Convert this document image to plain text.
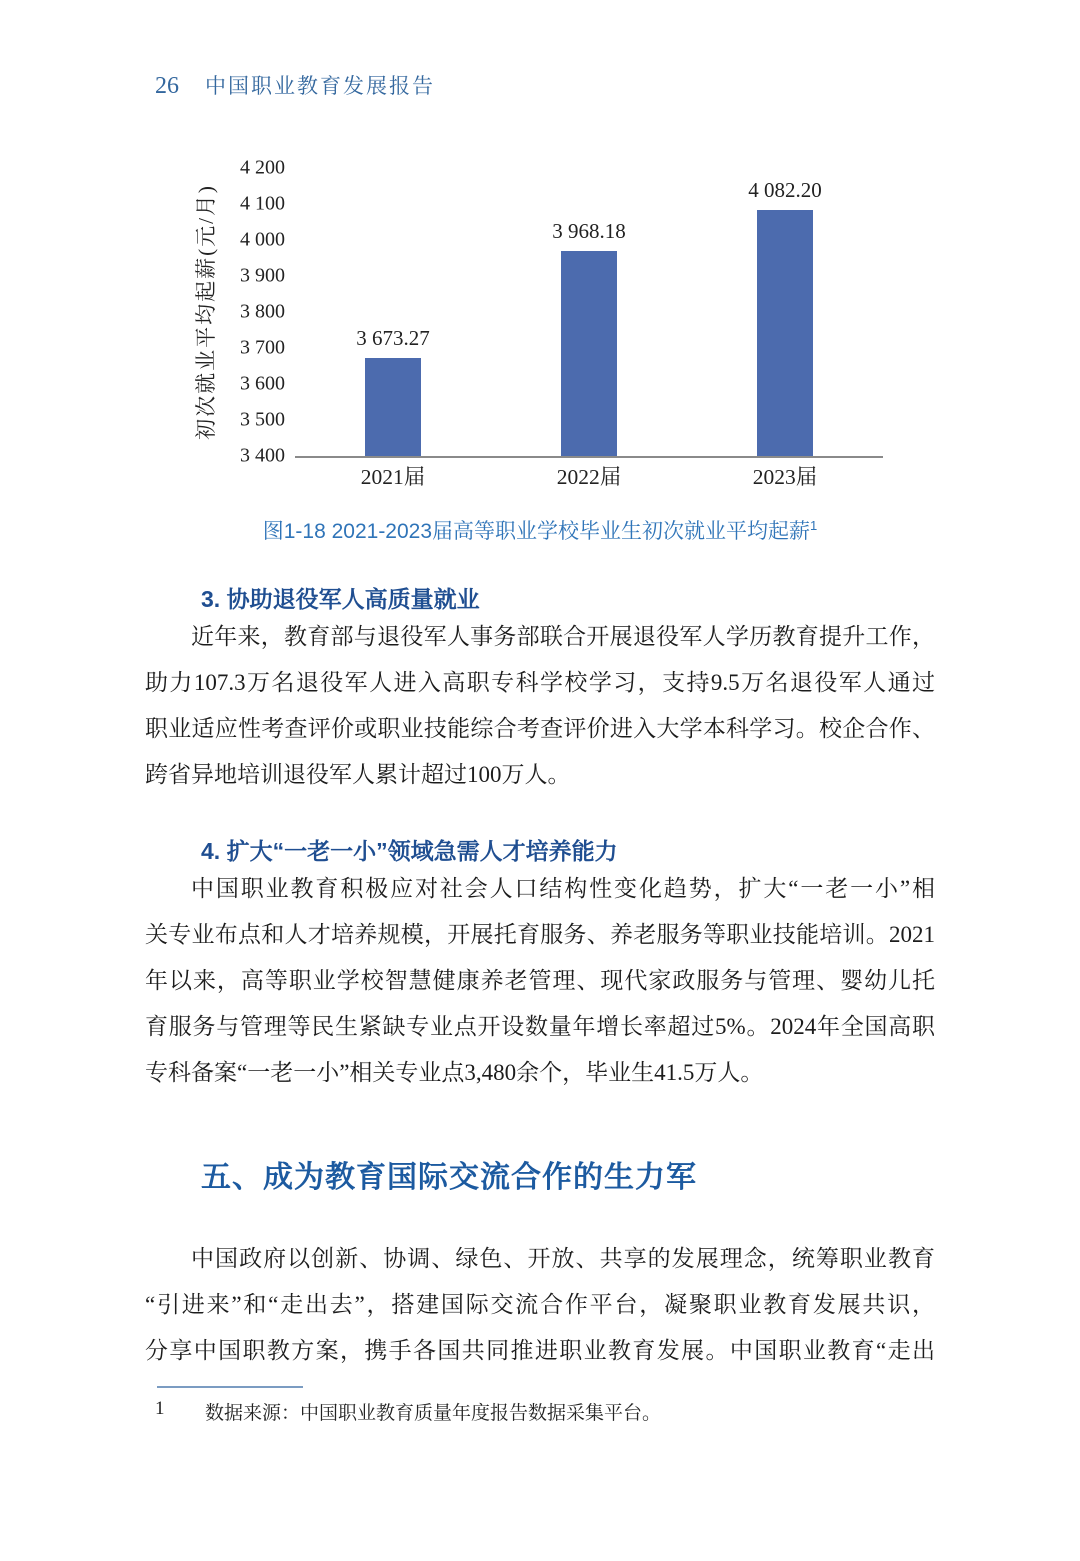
26 中国职业教育发展报告
初次就业平均起薪(元/月)
4 200
4 100
4 000
3 900
3 800
3 700
3 600
3 500
3 400
3 673.27
3 968.18
4 082.20
2021届	2022届	2023届
图1-18 2021-2023届高等职业学校毕业生初次就业平均起薪$^1$
3. 协助退役军人高质量就业

近年来，教育部与退役军人事务部联合开展退役军人学历教育提升工作，
助力107.3万名退役军人进入高职专科学校学习，支持9.5万名退役军人通过
职业适应性考查评价或职业技能综合考查评价进入大学本科学习。校企合作、
跨省异地培训退役军人累计超过100万人。

4. 扩大“一老一小”领域急需人才培养能力

中国职业教育积极应对社会人口结构性变化趋势，扩大“一老一小”相
关专业布点和人才培养规模，开展托育服务、养老服务等职业技能培训。2021
年以来，高等职业学校智慧健康养老管理、现代家政服务与管理、婴幼儿托
育服务与管理等民生紧缺专业点开设数量年增长率超过5%。2024年全国高职
专科备案“一老一小”相关专业点3,480余个，毕业生41.5万人。

五、成为教育国际交流合作的生力军

中国政府以创新、协调、绿色、开放、共享的发展理念，统筹职业教育
“引进来”和“走出去”，搭建国际交流合作平台，凝聚职业教育发展共识，
分享中国职教方案，携手各国共同推进职业教育发展。中国职业教育“走出

1	数据来源：中国职业教育质量年度报告数据采集平台。
